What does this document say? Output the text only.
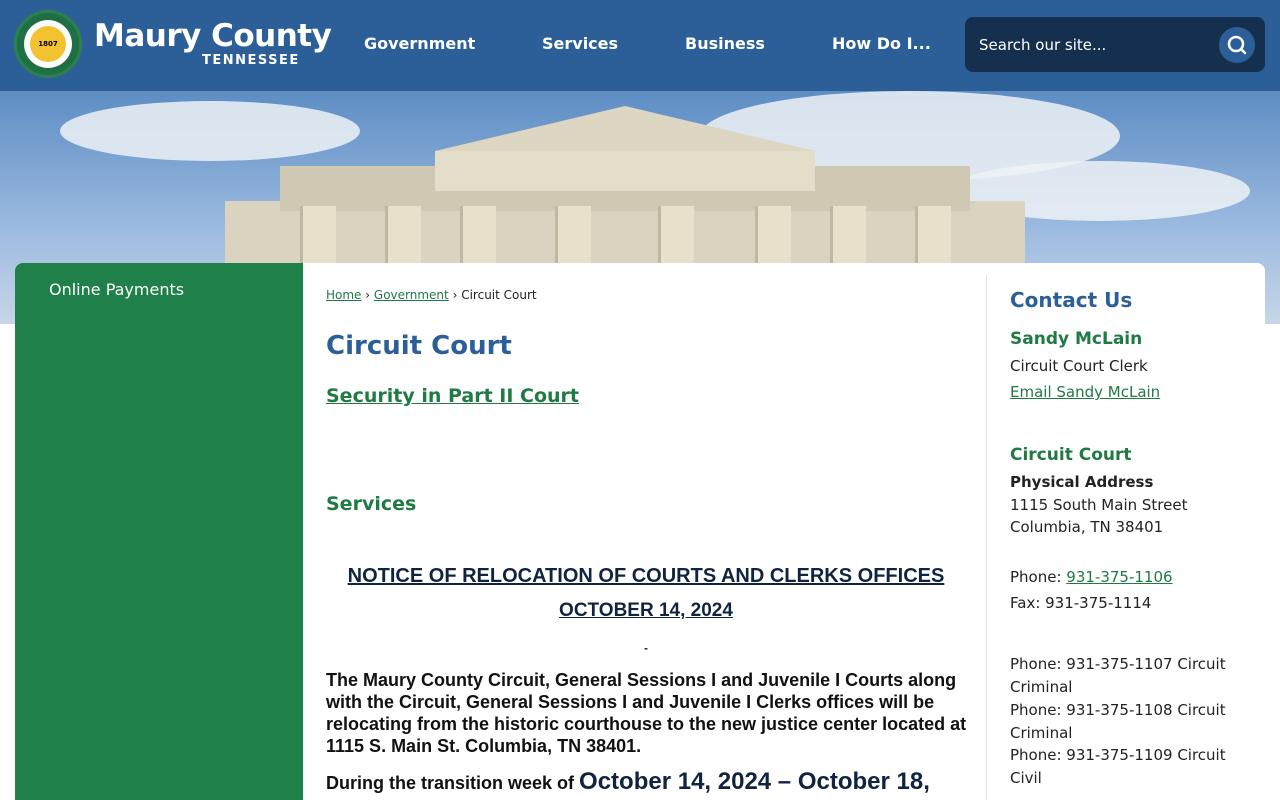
1807 Maury County
TENNESSEE
Government	Services	Business	How Do I...
Search our site...
Online Payments	Home › Government › Circuit Court
Circuit Court
Security in Part II Court
Services
NOTICE OF RELOCATION OF COURTS AND CLERKS OFFICES
OCTOBER 14, 2024
-
The Maury County Circuit, General Sessions I and Juvenile I Courts along with the Circuit, General Sessions I and Juvenile I Clerks offices will be relocating from the historic courthouse to the new justice center located at 1115 S. Main St. Columbia, TN 38401.
During the transition week of October 14, 2024 – October 18,
Contact Us
Sandy McLain
Circuit Court Clerk
Email Sandy McLain
Circuit Court
Physical Address
1115 South Main Street
Columbia, TN 38401
Phone: 931-375-1106
Fax: 931-375-1114
Phone: 931-375-1107 Circuit
Criminal
Phone: 931-375-1108 Circuit
Criminal
Phone: 931-375-1109 Circuit
Civil
